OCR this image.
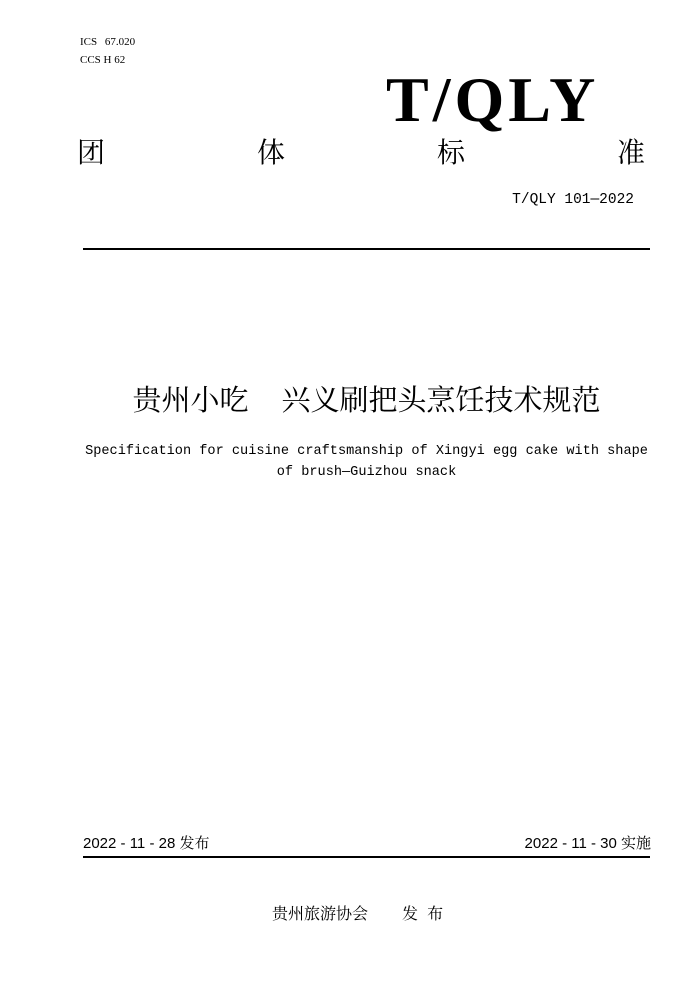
ICS 67.020
CCS H 62
T/QLY
团	体	标	准
T/QLY 101—2022
贵州小吃 兴义刷把头烹饪技术规范
Specification for cuisine craftsmanship of Xingyi egg cake with shape
of brush—Guizhou snack
2022 - 11 - 28 发布	2022 - 11 - 30 实施
贵州旅游协会 发 布
